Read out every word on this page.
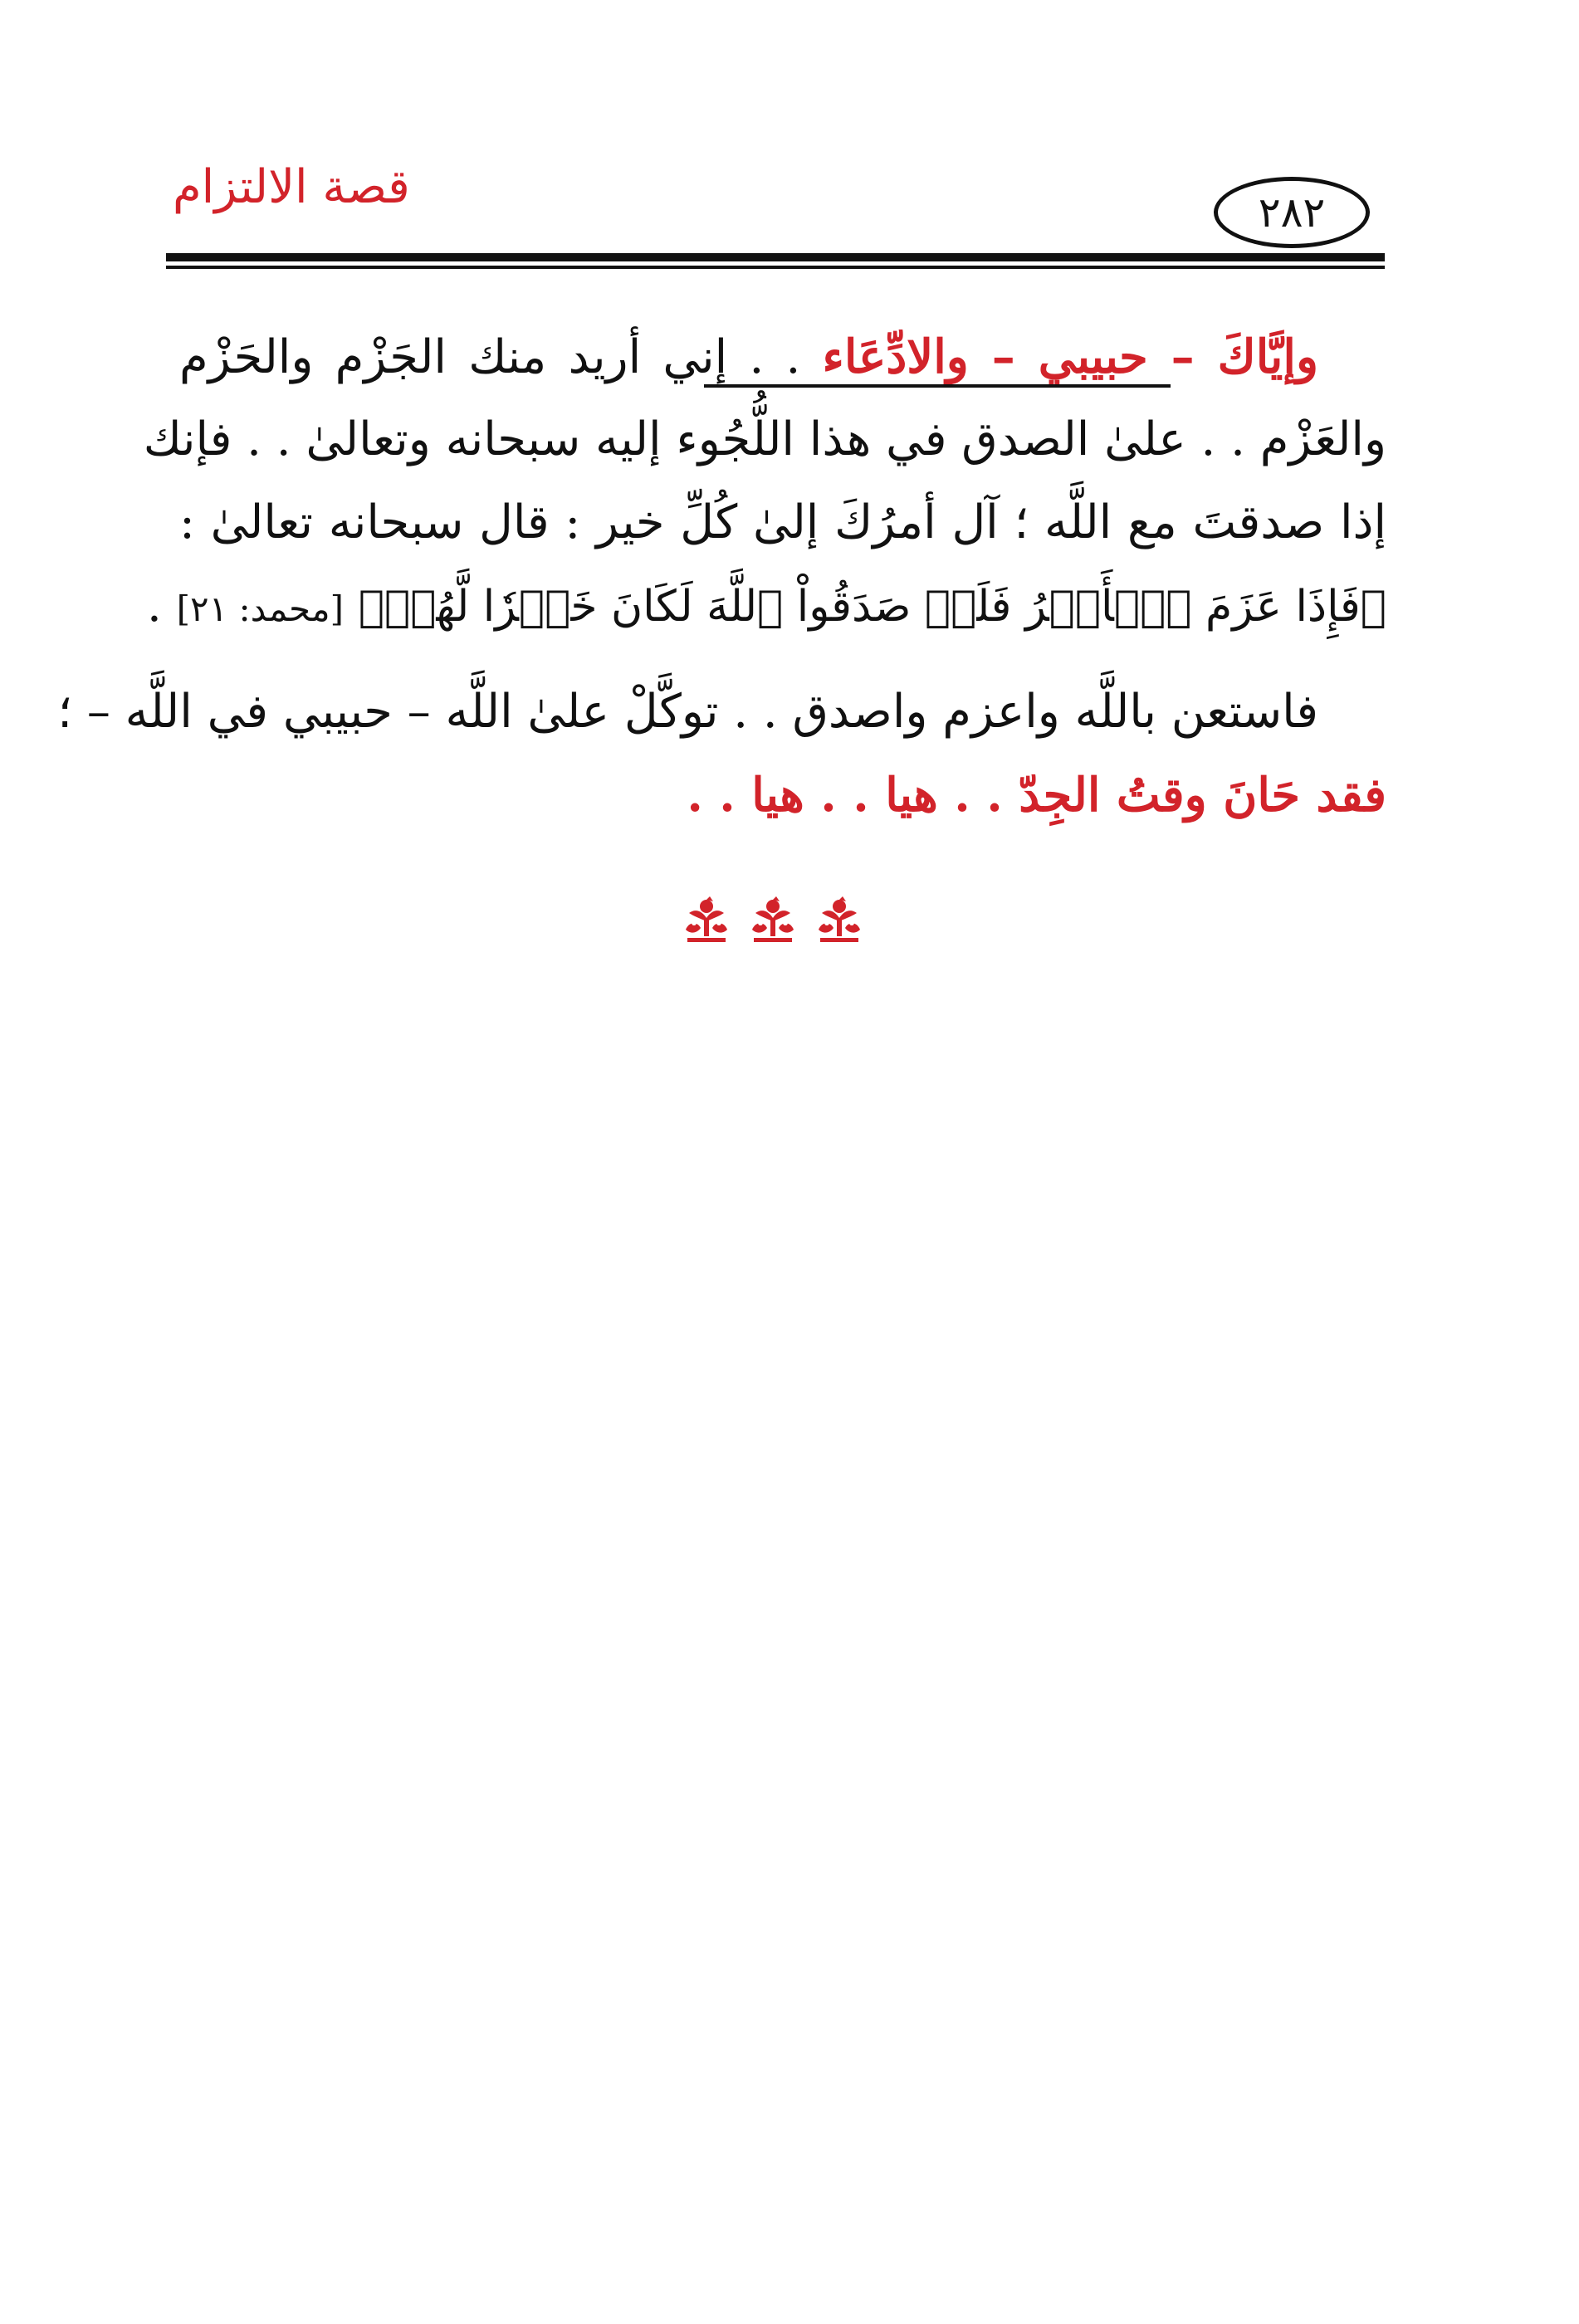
قصة الالتزام	٢٨٢
وإيَّاكَ – حبيبي – والادِّعَاء . . إني أريد منك الجَزْم والحَزْم
والعَزْم . . علىٰ الصدق في هذا اللُّجُوء إليه سبحانه وتعالىٰ . . فإنك
إذا صدقتَ مع اللَّه ؛ آل أمرُكَ إلىٰ كُلِّ خير : قال سبحانه تعالىٰ :
﴿فَإِذَا عَزَمَ ٱلۡأَمۡرُ فَلَوۡ صَدَقُواْ ٱللَّهَ لَكَانَ خَيۡرٗا لَّهُمۡ﴾ [محمد: ٢١] .
فاستعن باللَّه واعزم واصدق . . توكَّلْ علىٰ اللَّه – حبيبي في اللَّه – ؛
فقد حَانَ وقتُ الجِدّ . . هيا . . هيا . .
